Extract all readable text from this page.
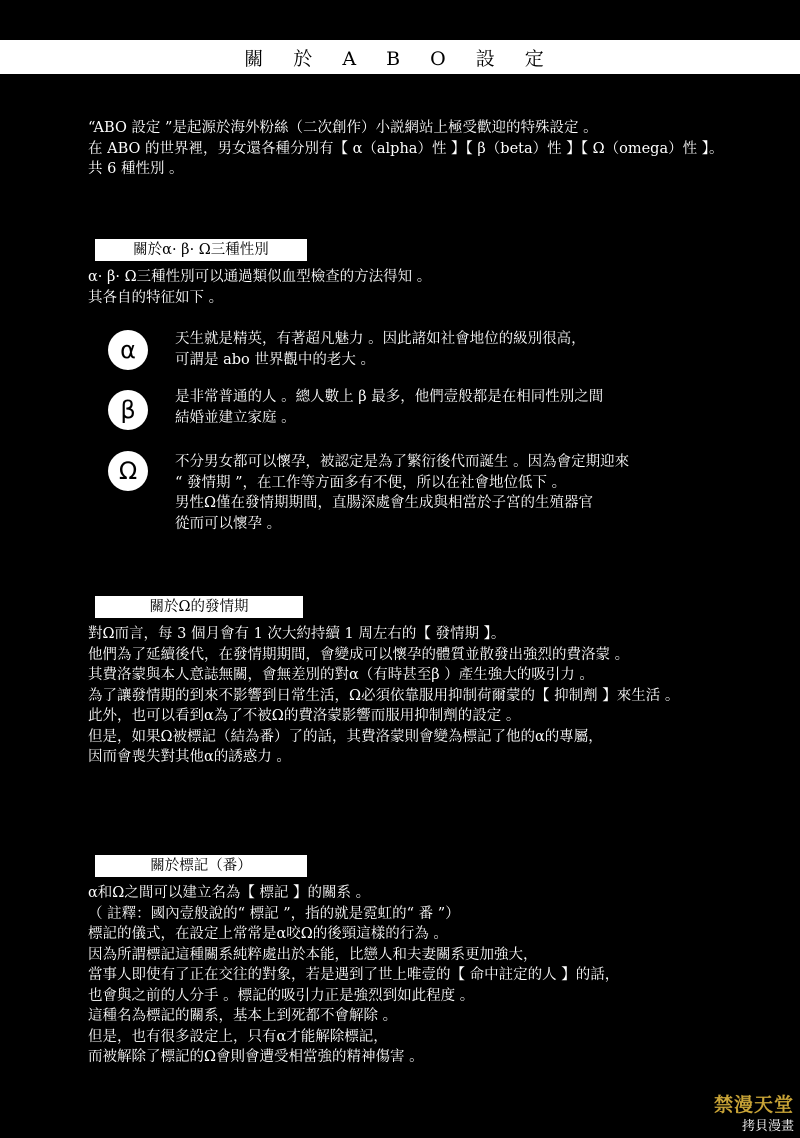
關 於 A B O 設 定
“ABO 設定 ”是起源於海外粉絲（二次創作）小説網站上極受歡迎的特殊設定 。
在 ABO 的世界裡，男女還各種分別有【 α（alpha）性 】【 β（beta）性 】【 Ω（omega）性 】。
共 6 種性別 。
關於α· β· Ω三種性別
α· β· Ω三種性別可以通過類似血型檢查的方法得知 。
其各自的特征如下 。
α	天生就是精英，有著超凡魅力 。因此諸如社會地位的級別很高，
可謂是 abo 世界觀中的老大 。
β	是非常普通的人 。總人數上 β 最多，他們壹般都是在相同性別之間
結婚並建立家庭 。
Ω	不分男女都可以懷孕，被認定是為了繁衍後代而誕生 。因為會定期迎來
“ 發情期 ”，在工作等方面多有不便，所以在社會地位低下 。
男性Ω僅在發情期期間，直腸深處會生成與相當於子宮的生殖器官
從而可以懷孕 。
關於Ω的發情期
對Ω而言，每 3 個月會有 1 次大約持續 1 周左右的【 發情期 】。
他們為了延續後代，在發情期期間，會變成可以懷孕的體質並散發出強烈的費洛蒙 。
其費洛蒙與本人意誌無關，會無差別的對α（有時甚至β ）產生強大的吸引力 。
為了讓發情期的到來不影響到日常生活，Ω必須依靠服用抑制荷爾蒙的【 抑制劑 】來生活 。
此外，也可以看到α為了不被Ω的費洛蒙影響而服用抑制劑的設定 。
但是，如果Ω被標記（結為番）了的話，其費洛蒙則會變為標記了他的α的專屬，
因而會喪失對其他α的誘惑力 。
關於標記（番）
α和Ω之間可以建立名為【 標記 】的關系 。
（ 註釋：國內壹般說的“ 標記 ”，指的就是霓虹的“ 番 ”）
標記的儀式，在設定上常常是α咬Ω的後頸這樣的行為 。
因為所謂標記這種關系純粹處出於本能，比戀人和夫妻關系更加強大，
當事人即使有了正在交往的對象，若是遇到了世上唯壹的【 命中註定的人 】的話，
也會與之前的人分手 。標記的吸引力正是強烈到如此程度 。
這種名為標記的關系，基本上到死都不會解除 。
但是，也有很多設定上，只有α才能解除標記，
而被解除了標記的Ω會則會遭受相當強的精神傷害 。
禁漫天堂
拷貝漫畫
